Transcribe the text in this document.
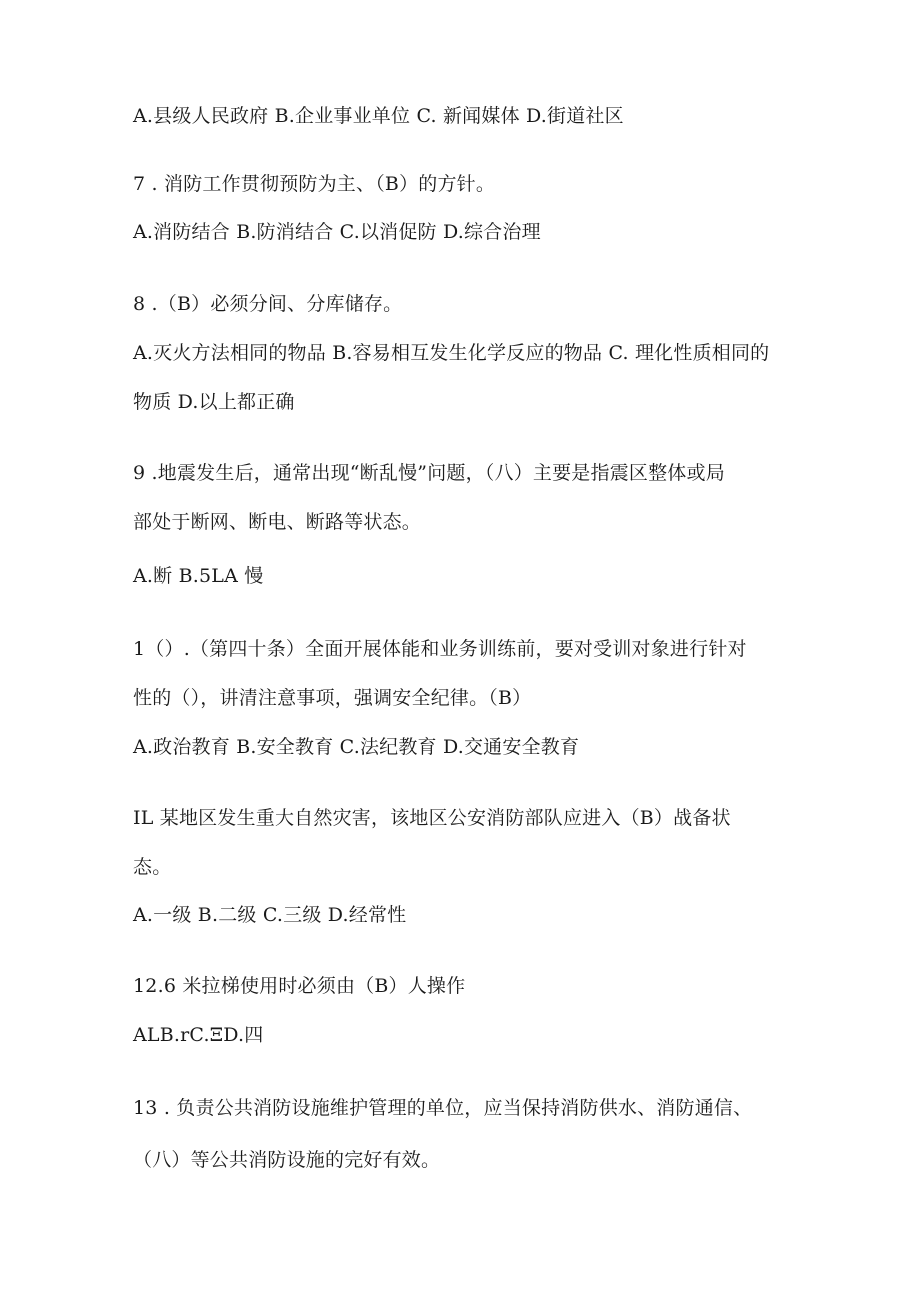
A.县级人民政府 B.企业事业单位 C. 新闻媒体 D.街道社区
7 . 消防工作贯彻预防为主、（B）的方针。
A.消防结合 B.防消结合 C.以消促防 D.综合治理
8 .（B）必须分间、分库储存。
A.灭火方法相同的物品 B.容易相互发生化学反应的物品 C. 理化性质相同的
物质 D.以上都正确
9 .地震发生后，通常出现“断乱慢”问题，（八）主要是指震区整体或局
部处于断网、断电、断路等状态。
A.断 B.5LA 慢
1（）.（第四十条）全面开展体能和业务训练前，要对受训对象进行针对
性的（），讲清注意事项，强调安全纪律。（B）
A.政治教育 B.安全教育 C.法纪教育 D.交通安全教育
IL 某地区发生重大自然灾害，该地区公安消防部队应进入（B）战备状
态。
A.一级 B.二级 C.三级 D.经常性
12.6 米拉梯使用时必须由（B）人操作
ALB.rC.ΞD.四
13 . 负责公共消防设施维护管理的单位，应当保持消防供水、消防通信、
（八）等公共消防设施的完好有效。
